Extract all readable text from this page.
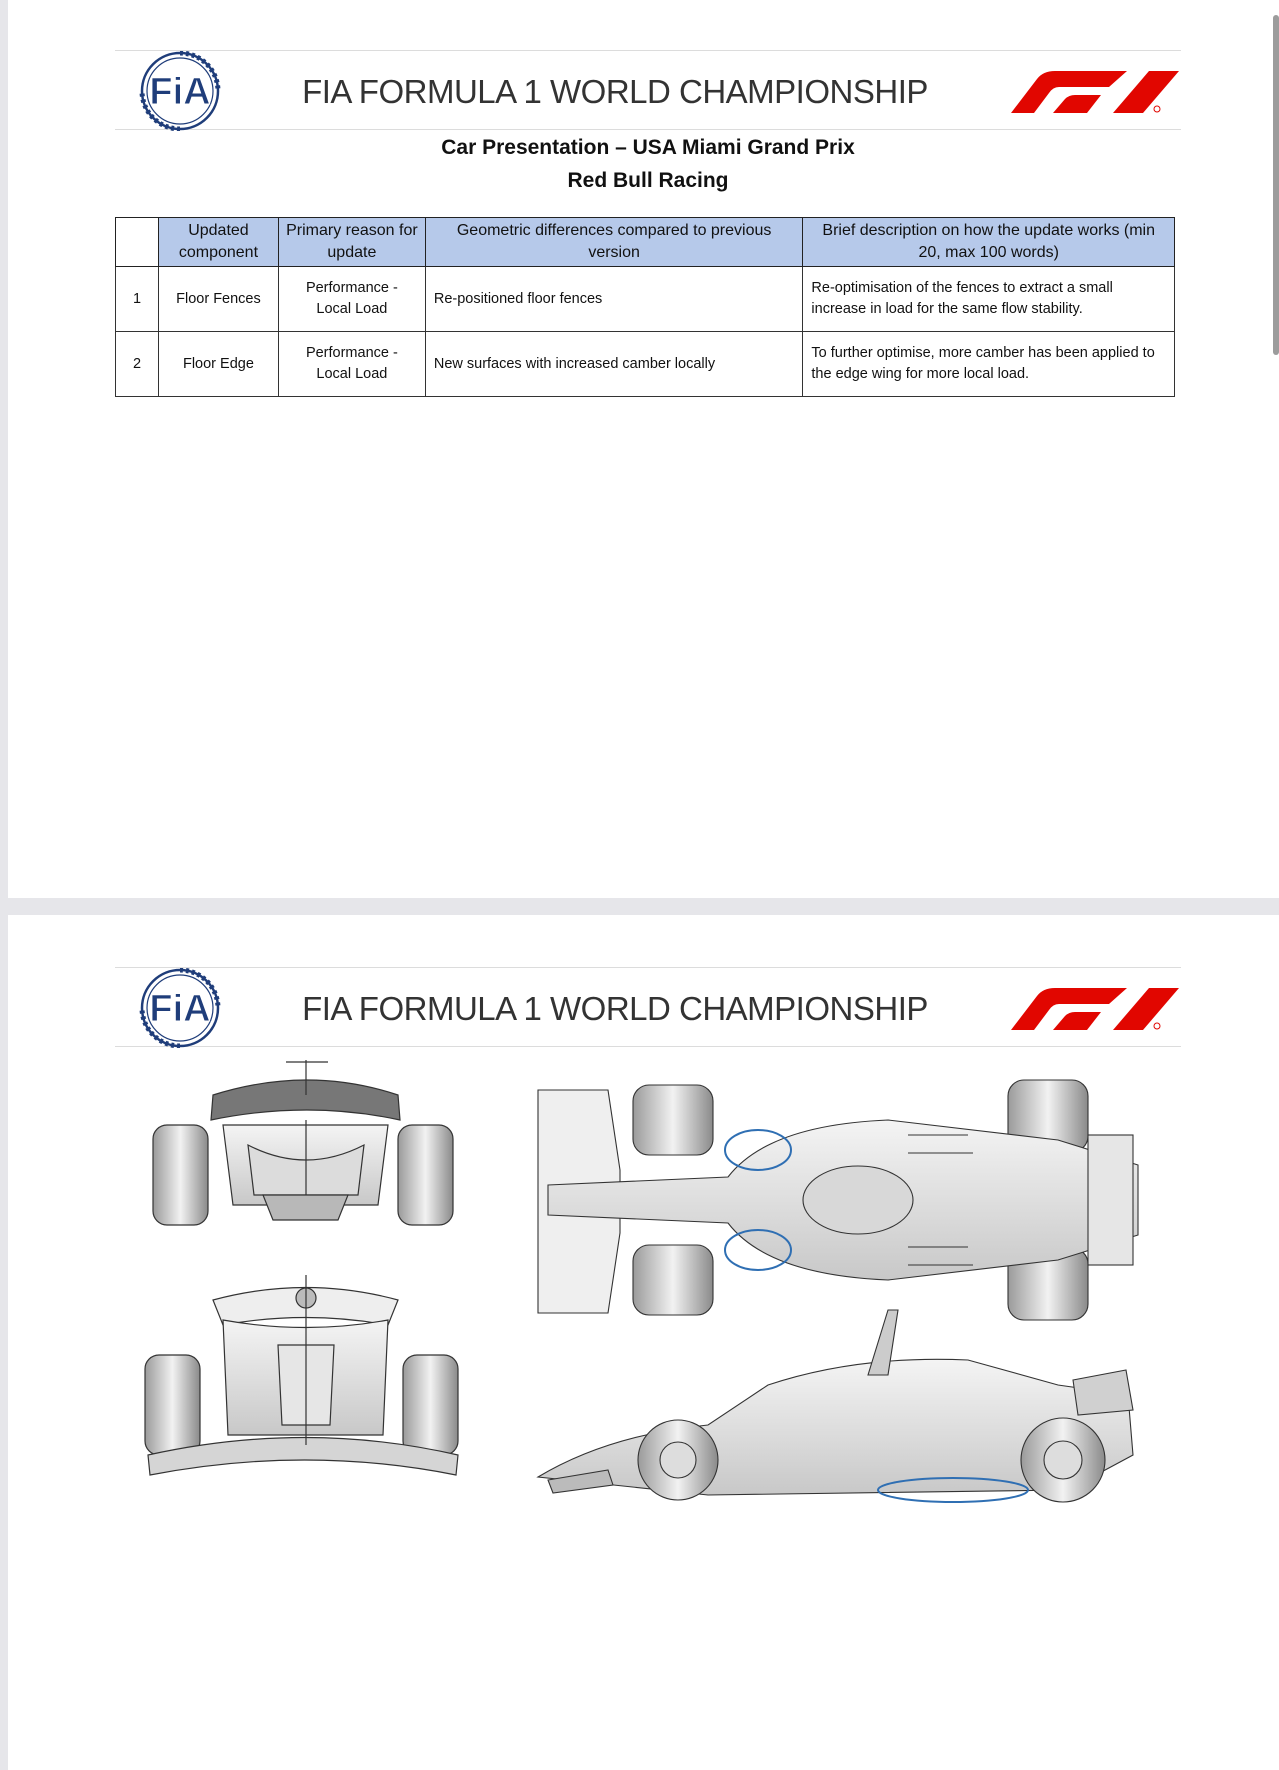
FiA	FIA FORMULA 1 WORLD CHAMPIONSHIP
Car Presentation – USA Miami Grand Prix
Red Bull Racing
	Updated component	Primary reason for update	Geometric differences compared to previous version	Brief description on how the update works (min 20, max 100 words)
1	Floor Fences	Performance - Local Load	Re-positioned floor fences	Re-optimisation of the fences to extract a small increase in load for the same flow stability.
2	Floor Edge	Performance - Local Load	New surfaces with increased camber locally	To further optimise, more camber has been applied to the edge wing for more local load.
FiA	FIA FORMULA 1 WORLD CHAMPIONSHIP
